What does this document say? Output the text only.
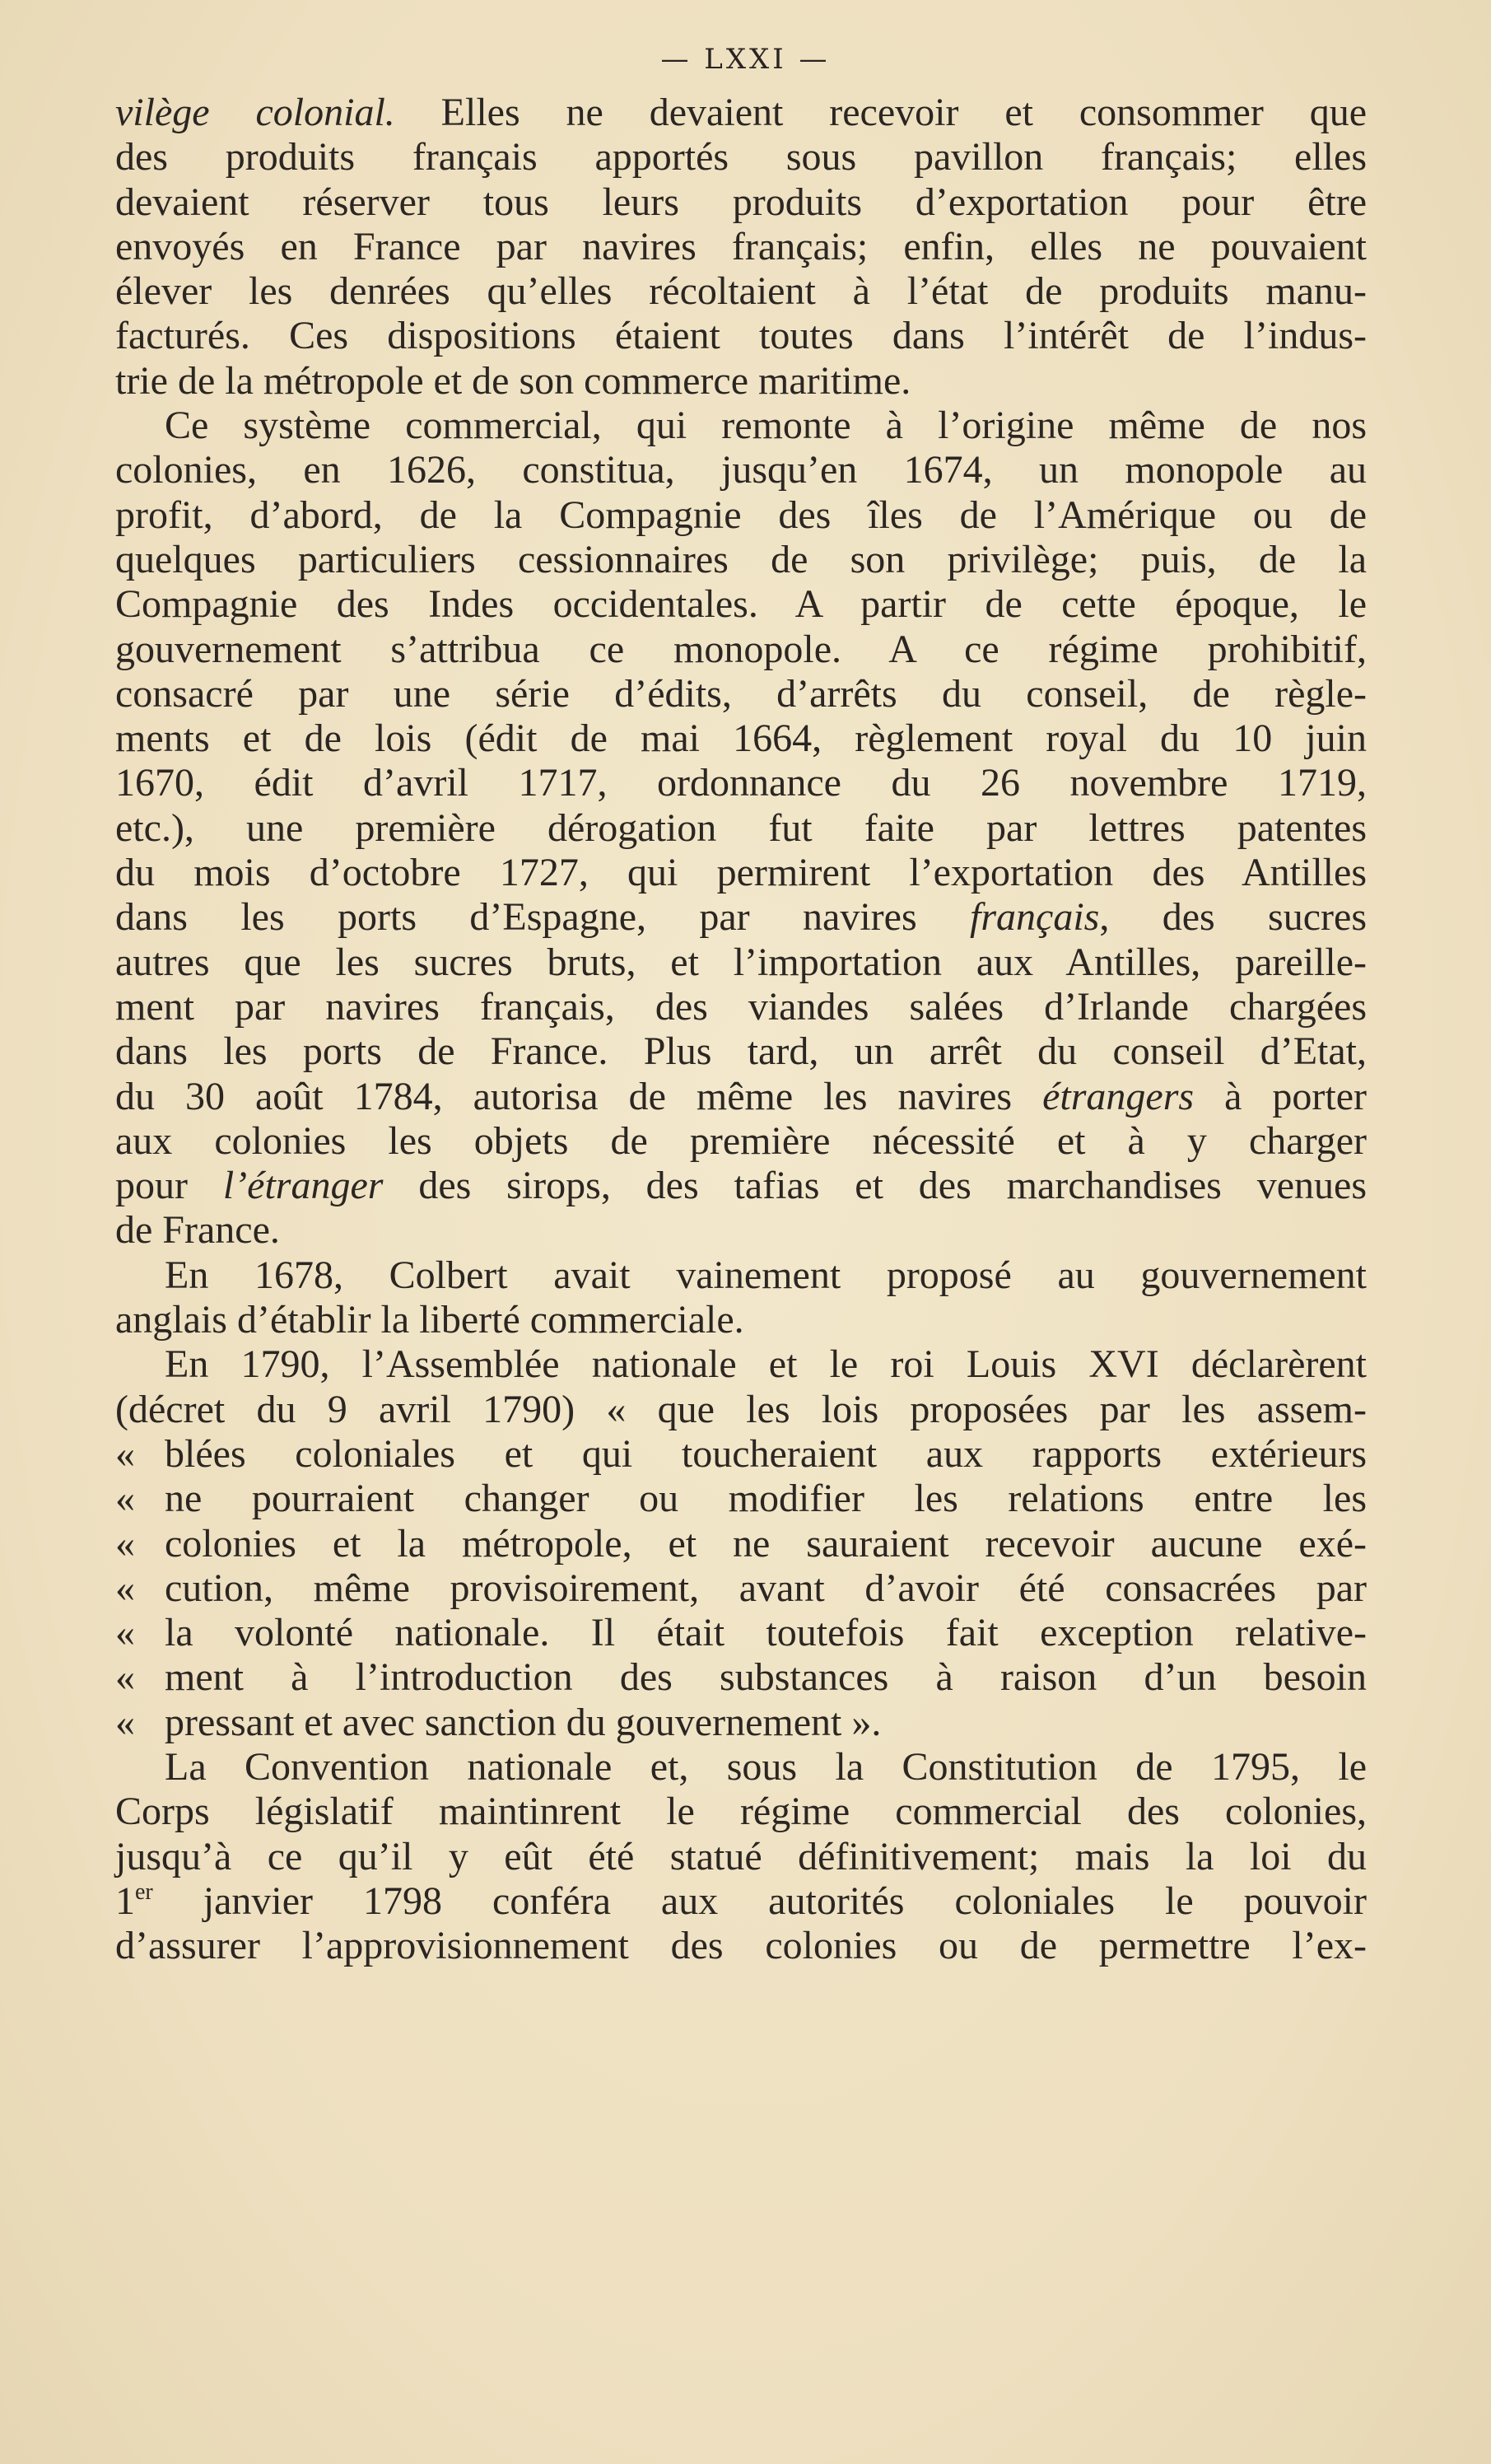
— LXXI —
vilège colonial. Elles ne devaient recevoir et consommer que
des produits français apportés sous pavillon français; elles
devaient réserver tous leurs produits d’exportation pour être
envoyés en France par navires français; enfin, elles ne pouvaient
élever les denrées qu’elles récoltaient à l’état de produits manu-
facturés. Ces dispositions étaient toutes dans l’intérêt de l’indus-
trie de la métropole et de son commerce maritime.
Ce système commercial, qui remonte à l’origine même de nos
colonies, en 1626, constitua, jusqu’en 1674, un monopole au
profit, d’abord, de la Compagnie des îles de l’Amérique ou de
quelques particuliers cessionnaires de son privilège; puis, de la
Compagnie des Indes occidentales. A partir de cette époque, le
gouvernement s’attribua ce monopole. A ce régime prohibitif,
consacré par une série d’édits, d’arrêts du conseil, de règle-
ments et de lois (édit de mai 1664, règlement royal du 10 juin
1670, édit d’avril 1717, ordonnance du 26 novembre 1719,
etc.), une première dérogation fut faite par lettres patentes
du mois d’octobre 1727, qui permirent l’exportation des Antilles
dans les ports d’Espagne, par navires français, des sucres
autres que les sucres bruts, et l’importation aux Antilles, pareille-
ment par navires français, des viandes salées d’Irlande chargées
dans les ports de France. Plus tard, un arrêt du conseil d’Etat,
du 30 août 1784, autorisa de même les navires étrangers à porter
aux colonies les objets de première nécessité et à y charger
pour l’étranger des sirops, des tafias et des marchandises venues
de France.
En 1678, Colbert avait vainement proposé au gouvernement
anglais d’établir la liberté commerciale.
En 1790, l’Assemblée nationale et le roi Louis XVI déclarèrent
(décret du 9 avril 1790) « que les lois proposées par les assem-
« blées coloniales et qui toucheraient aux rapports extérieurs
« ne pourraient changer ou modifier les relations entre les
« colonies et la métropole, et ne sauraient recevoir aucune exé-
« cution, même provisoirement, avant d’avoir été consacrées par
« la volonté nationale. Il était toutefois fait exception relative-
« ment à l’introduction des substances à raison d’un besoin
« pressant et avec sanction du gouvernement ».
La Convention nationale et, sous la Constitution de 1795, le
Corps législatif maintinrent le régime commercial des colonies,
jusqu’à ce qu’il y eût été statué définitivement; mais la loi du
1er janvier 1798 conféra aux autorités coloniales le pouvoir
d’assurer l’approvisionnement des colonies ou de permettre l’ex-
